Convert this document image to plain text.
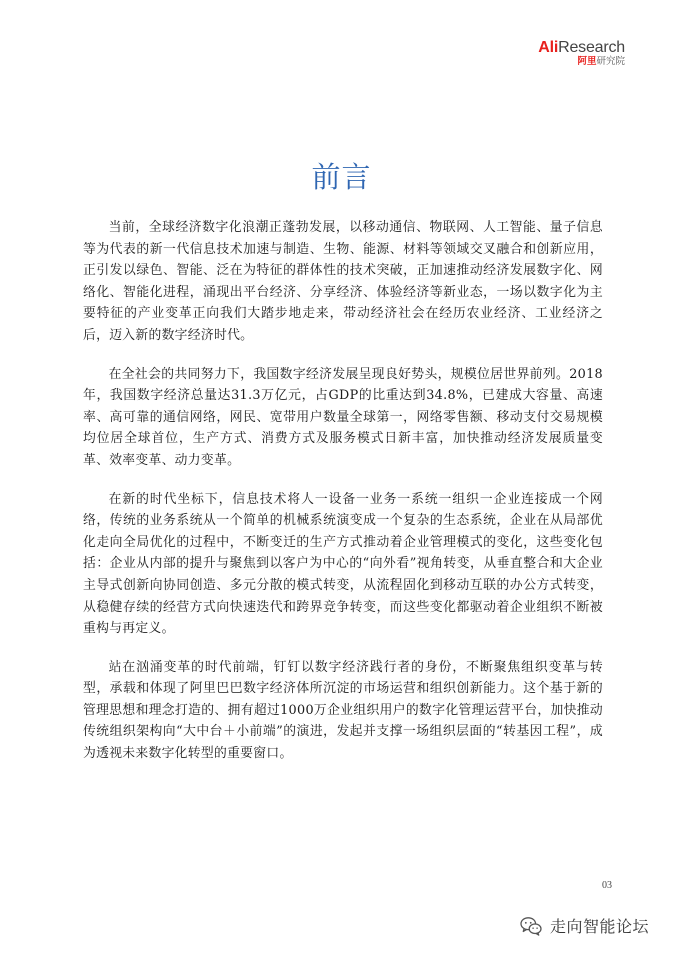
AliResearch
阿里研究院
前言

当前，全球经济数字化浪潮正蓬勃发展，以移动通信、物联网、人工智能、量子信息等为代表的新一代信息技术加速与制造、生物、能源、材料等领域交叉融合和创新应用，正引发以绿色、智能、泛在为特征的群体性的技术突破，正加速推动经济发展数字化、网络化、智能化进程，涌现出平台经济、分享经济、体验经济等新业态，一场以数字化为主要特征的产业变革正向我们大踏步地走来，带动经济社会在经历农业经济、工业经济之后，迈入新的数字经济时代。

在全社会的共同努力下，我国数字经济发展呈现良好势头，规模位居世界前列。2018年，我国数字经济总量达31.3万亿元，占GDP的比重达到34.8%，已建成大容量、高速率、高可靠的通信网络，网民、宽带用户数量全球第一，网络零售额、移动支付交易规模均位居全球首位，生产方式、消费方式及服务模式日新丰富，加快推动经济发展质量变革、效率变革、动力变革。

在新的时代坐标下，信息技术将人一设备一业务一系统一组织一企业连接成一个网络，传统的业务系统从一个简单的机械系统演变成一个复杂的生态系统，企业在从局部优化走向全局优化的过程中，不断变迁的生产方式推动着企业管理模式的变化，这些变化包括：企业从内部的提升与聚焦到以客户为中心的“向外看”视角转变，从垂直整合和大企业主导式创新向协同创造、多元分散的模式转变，从流程固化到移动互联的办公方式转变，从稳健存续的经营方式向快速迭代和跨界竞争转变，而这些变化都驱动着企业组织不断被重构与再定义。

站在汹涌变革的时代前端，钉钉以数字经济践行者的身份，不断聚焦组织变革与转型，承载和体现了阿里巴巴数字经济体所沉淀的市场运营和组织创新能力。这个基于新的管理思想和理念打造的、拥有超过1000万企业组织用户的数字化管理运营平台，加快推动传统组织架构向“大中台＋小前端”的演进，发起并支撑一场组织层面的“转基因工程”，成为透视未来数字化转型的重要窗口。

03
走向智能论坛
